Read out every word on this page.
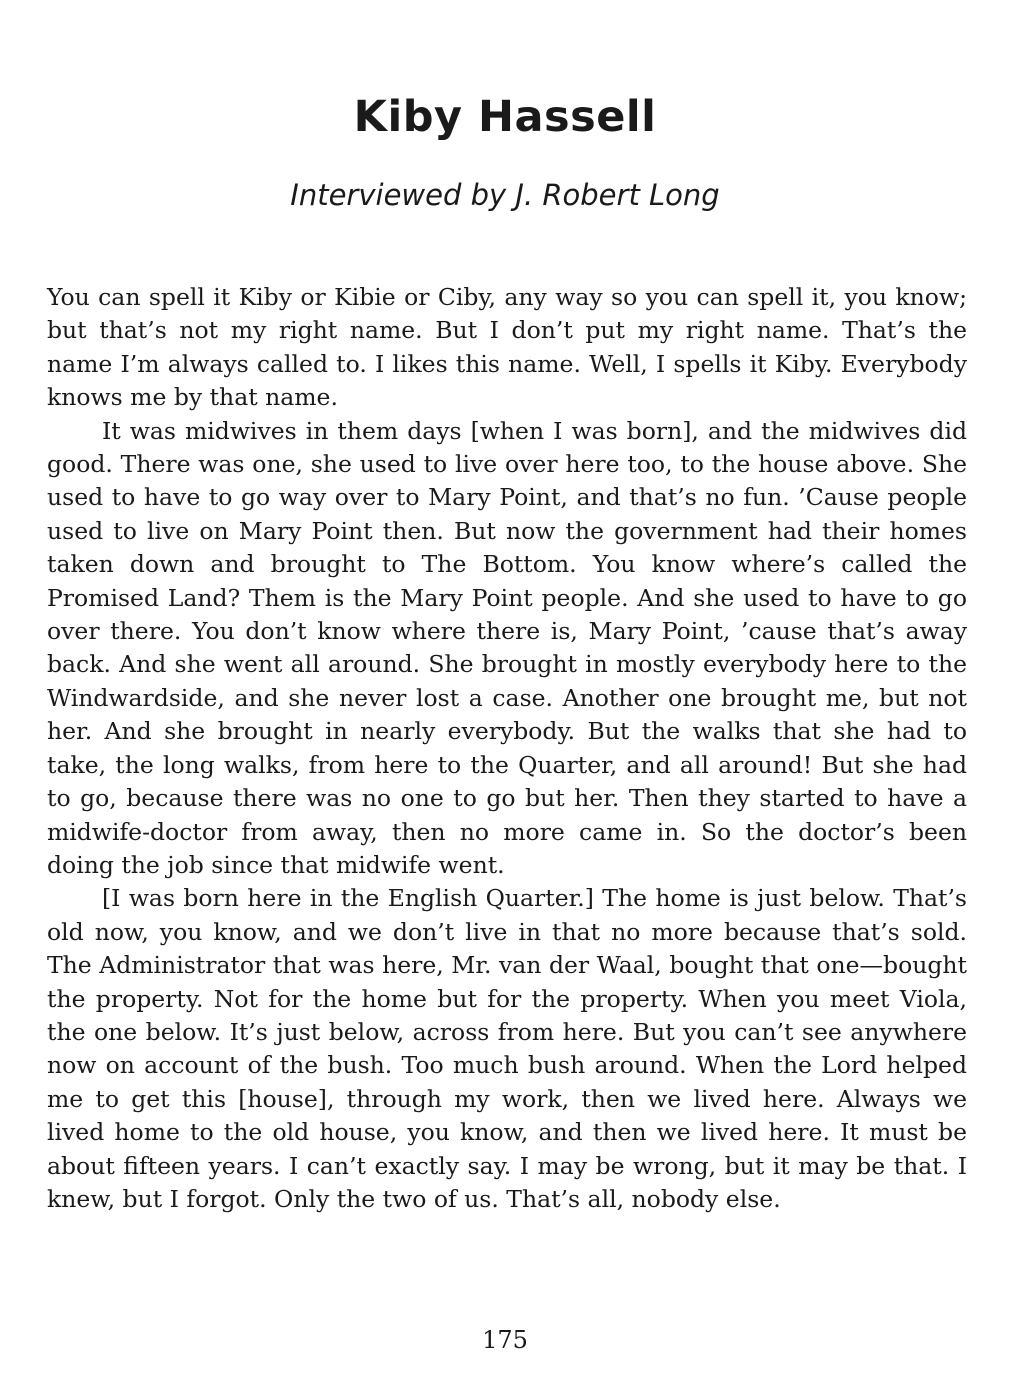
Kiby Hassell

Interviewed by J. Robert Long

You can spell it Kiby or Kibie or Ciby, any way so you can spell it, you know; but that’s not my right name. But I don’t put my right name. That’s the name I’m always called to. I likes this name. Well, I spells it Kiby. Everybody knows me by that name.

It was midwives in them days [when I was born], and the midwives did good. There was one, she used to live over here too, to the house above. She used to have to go way over to Mary Point, and that’s no fun. ’Cause people used to live on Mary Point then. But now the government had their homes taken down and brought to The Bottom. You know where’s called the Promised Land? Them is the Mary Point people. And she used to have to go over there. You don’t know where there is, Mary Point, ’cause that’s away back. And she went all around. She brought in mostly everybody here to the Windwardside, and she never lost a case. Another one brought me, but not her. And she brought in nearly everybody. But the walks that she had to take, the long walks, from here to the Quarter, and all around! But she had to go, because there was no one to go but her. Then they started to have a midwife-doctor from away, then no more came in. So the doctor’s been doing the job since that midwife went.

[I was born here in the English Quarter.] The home is just below. That’s old now, you know, and we don’t live in that no more because that’s sold. The Administrator that was here, Mr. van der Waal, bought that one—bought the property. Not for the home but for the property. When you meet Viola, the one below. It’s just below, across from here. But you can’t see anywhere now on account of the bush. Too much bush around. When the Lord helped me to get this [house], through my work, then we lived here. Always we lived home to the old house, you know, and then we lived here. It must be about fifteen years. I can’t exactly say. I may be wrong, but it may be that. I knew, but I forgot. Only the two of us. That’s all, nobody else.

175
